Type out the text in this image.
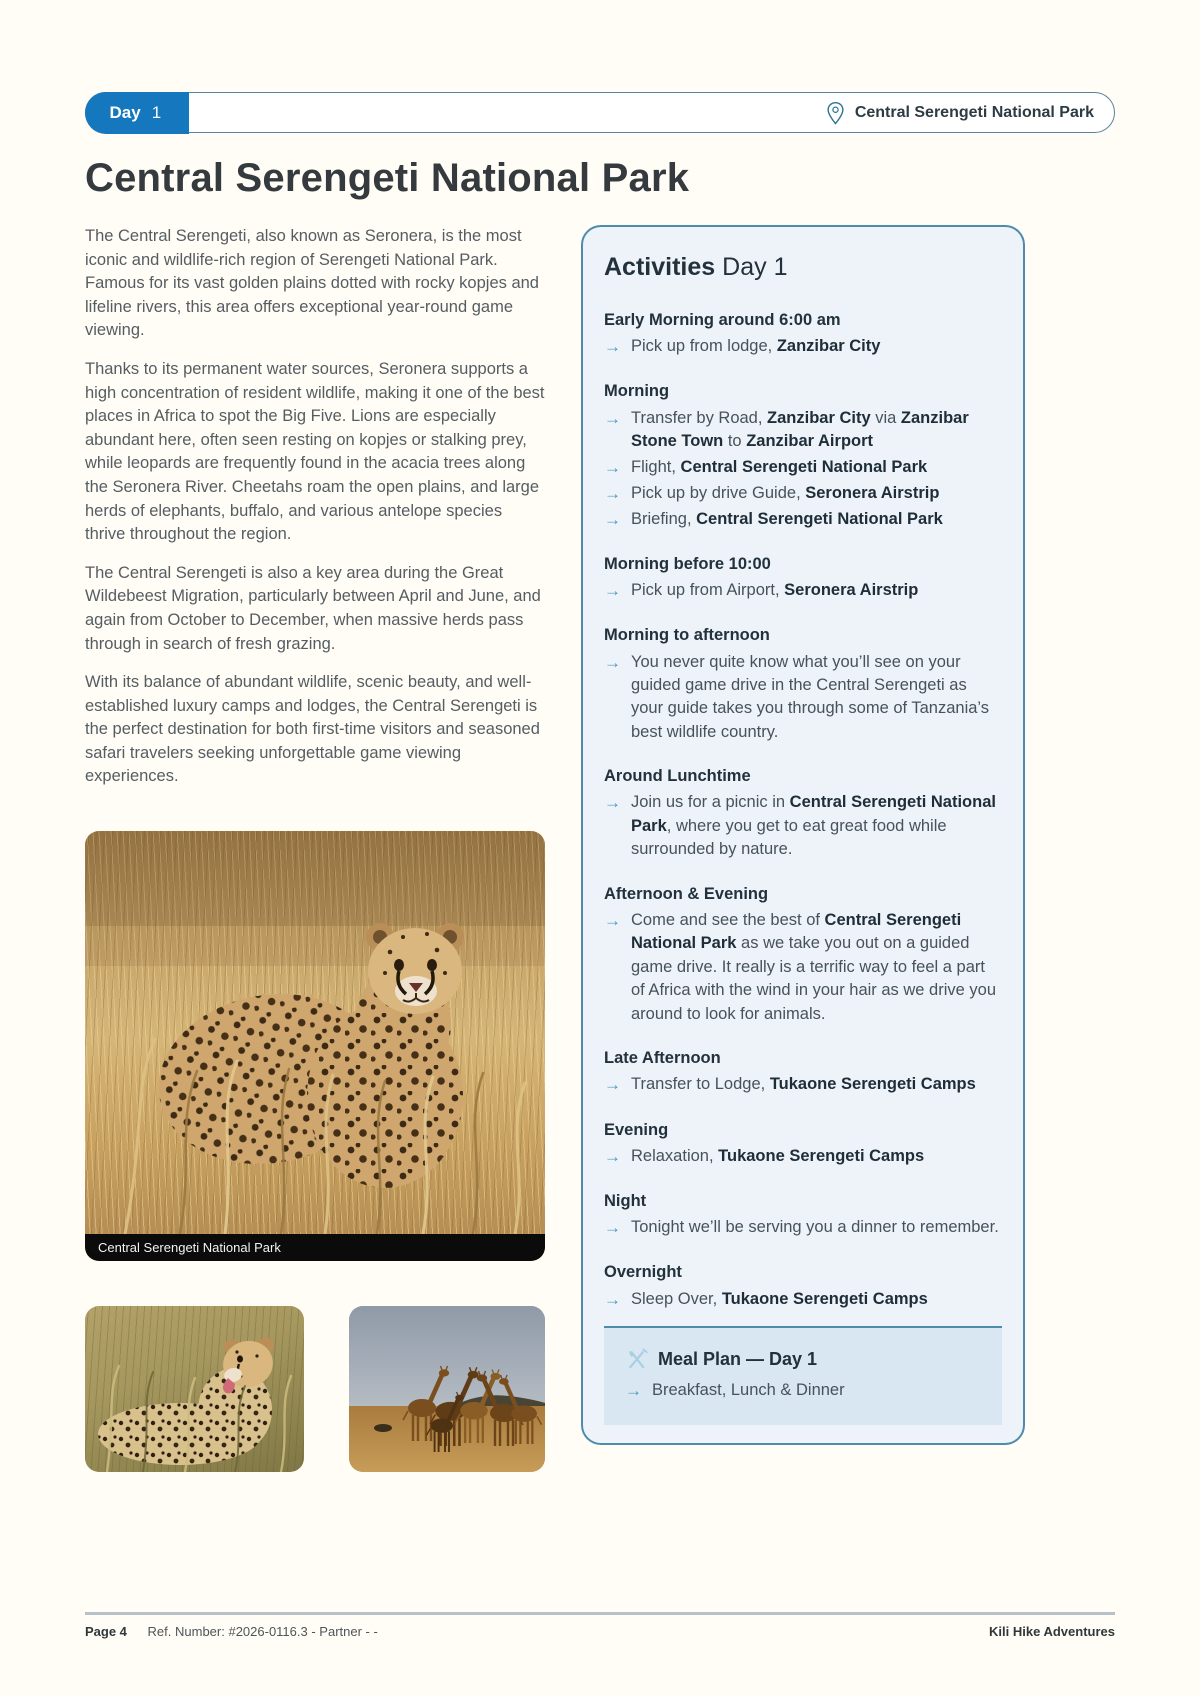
Day 1	Central Serengeti National Park
Central Serengeti National Park

The Central Serengeti, also known as Seronera, is the most iconic and wildlife-rich region of Serengeti National Park. Famous for its vast golden plains dotted with rocky kopjes and lifeline rivers, this area offers exceptional year-round game viewing.

Thanks to its permanent water sources, Seronera supports a high concentration of resident wildlife, making it one of the best places in Africa to spot the Big Five. Lions are especially abundant here, often seen resting on kopjes or stalking prey, while leopards are frequently found in the acacia trees along the Seronera River. Cheetahs roam the open plains, and large herds of elephants, buffalo, and various antelope species thrive throughout the region.

The Central Serengeti is also a key area during the Great Wildebeest Migration, particularly between April and June, and again from October to December, when massive herds pass through in search of fresh grazing.

With its balance of abundant wildlife, scenic beauty, and well-established luxury camps and lodges, the Central Serengeti is the perfect destination for both first-time visitors and seasoned safari travelers seeking unforgettable game viewing experiences.

Central Serengeti National Park
Activities Day 1
Early Morning around 6:00 am
→ Pick up from lodge, Zanzibar City
Morning
→ Transfer by Road, Zanzibar City via Zanzibar Stone Town to Zanzibar Airport
→ Flight, Central Serengeti National Park
→ Pick up by drive Guide, Seronera Airstrip
→ Briefing, Central Serengeti National Park
Morning before 10:00
→ Pick up from Airport, Seronera Airstrip
Morning to afternoon
→ You never quite know what you’ll see on your guided game drive in the Central Serengeti as your guide takes you through some of Tanzania’s best wildlife country.
Around Lunchtime
→ Join us for a picnic in Central Serengeti National Park, where you get to eat great food while surrounded by nature.
Afternoon & Evening
→ Come and see the best of Central Serengeti National Park as we take you out on a guided game drive. It really is a terrific way to feel a part of Africa with the wind in your hair as we drive you around to look for animals.
Late Afternoon
→ Transfer to Lodge, Tukaone Serengeti Camps
Evening
→ Relaxation, Tukaone Serengeti Camps
Night
→ Tonight we’ll be serving you a dinner to remember.
Overnight
→ Sleep Over, Tukaone Serengeti Camps
Meal Plan — Day 1
→ Breakfast, Lunch & Dinner
Page 4 Ref. Number: #2026-0116.3 - Partner - -	Kili Hike Adventures
